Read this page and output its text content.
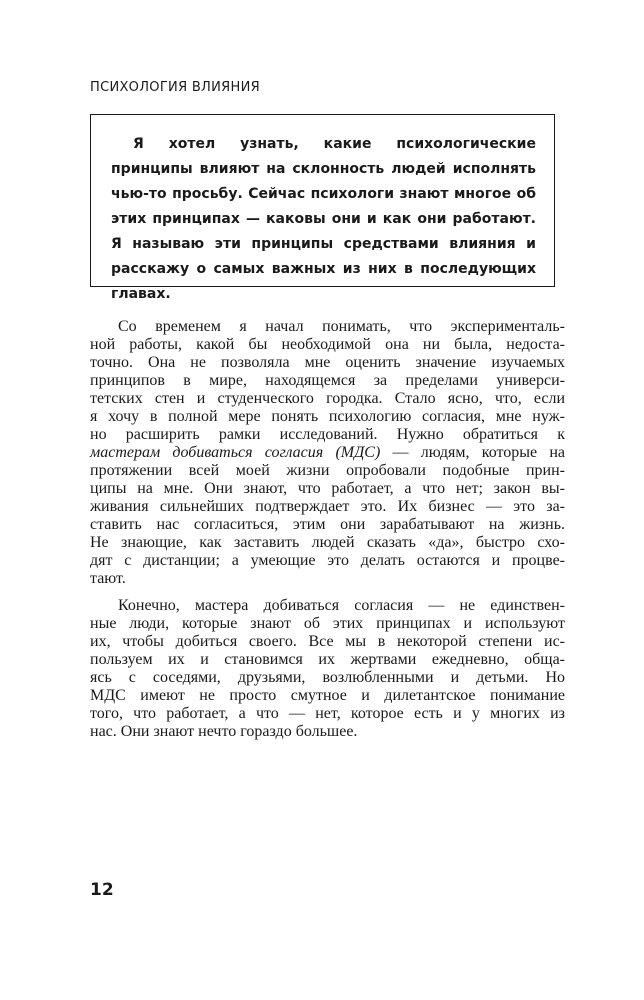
ПСИХОЛОГИЯ ВЛИЯНИЯ

Я хотел узнать, какие психологические принципы влияют на склонность людей исполнять чью-то просьбу. Сейчас психологи знают многое об этих принципах — каковы они и как они работают. Я называю эти принципы средствами влияния и расскажу о самых важных из них в последующих главах.

Со временем я начал понимать, что эксперименталь-
ной работы, какой бы необходимой она ни была, недоста-
точно. Она не позволяла мне оценить значение изучаемых
принципов в мире, находящемся за пределами универси-
тетских стен и студенческого городка. Стало ясно, что, если
я хочу в полной мере понять психологию согласия, мне нуж-
но расширить рамки исследований. Нужно обратиться к
мастерам добиваться согласия (МДС) — людям, которые на
протяжении всей моей жизни опробовали подобные прин-
ципы на мне. Они знают, что работает, а что нет; закон вы-
живания сильнейших подтверждает это. Их бизнес — это за-
ставить нас согласиться, этим они зарабатывают на жизнь.
Не знающие, как заставить людей сказать «да», быстро схо-
дят с дистанции; а умеющие это делать остаются и процве-
тают.
Конечно, мастера добиваться согласия — не единствен-
ные люди, которые знают об этих принципах и используют
их, чтобы добиться своего. Все мы в некоторой степени ис-
пользуем их и становимся их жертвами ежедневно, обща-
ясь с соседями, друзьями, возлюбленными и детьми. Но
МДС имеют не просто смутное и дилетантское понимание
того, что работает, а что — нет, которое есть и у многих из
нас. Они знают нечто гораздо большее.
12
